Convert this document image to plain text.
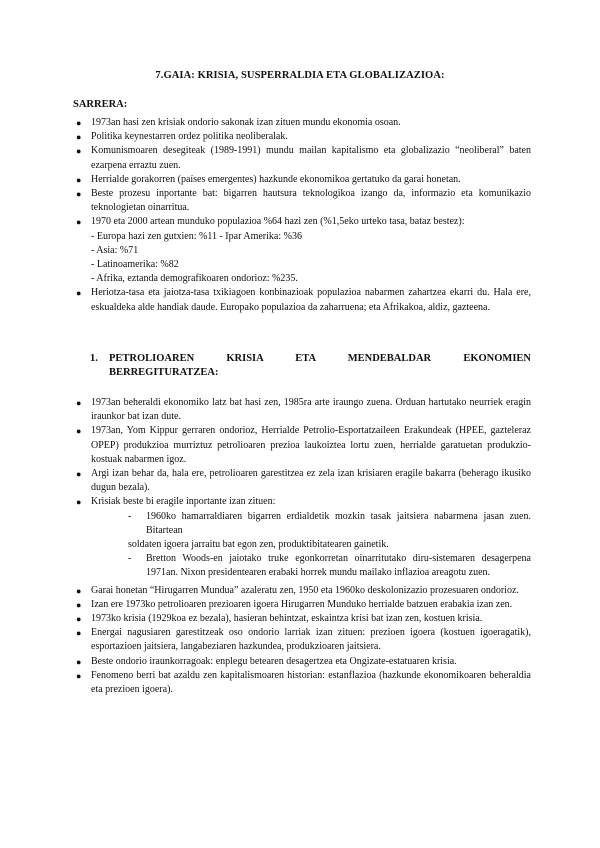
7.GAIA: KRISIA, SUSPERRALDIA ETA GLOBALIZAZIOA:
SARRERA:
● 1973an hasi zen krisiak ondorio sakonak izan zituen mundu ekonomia osoan.
● Politika keynestarren ordez politika neoliberalak.
● Komunismoaren desegiteak (1989-1991) mundu mailan kapitalismo eta globalizazio “neoliberal” baten ezarpena erraztu zuen.
● Herrialde gorakorren (países emergentes) hazkunde ekonomikoa gertatuko da garai honetan.
● Beste prozesu inportante bat: bigarren hautsura teknologikoa izango da, informazio eta komunikazio teknologietan oinarritua.
● 1970 eta 2000 artean munduko populazioa %64 hazi zen (%1,5eko urteko tasa, bataz bestez):
- Europa hazi zen gutxien: %11 - Ipar Amerika: %36
- Asia: %71
- Latinoamerika: %82
- Afrika, eztanda demografikoaren ondorioz: %235.
● Heriotza-tasa eta jaiotza-tasa txikiagoen konbinazioak populazioa nabarmen zahartzea ekarri du. Hala ere, eskualdeka alde handiak daude. Europako populazioa da zaharruena; eta Afrikakoa, aldiz, gazteena.
1. PETROLIOAREN KRISIA ETA MENDEBALDAR EKONOMIEN
BERREGITURATZEA:
● 1973an beheraldi ekonomiko latz bat hasi zen, 1985ra arte iraungo zuena. Orduan hartutako neurriek eragin iraunkor bat izan dute.
● 1973an, Yom Kippur gerraren ondorioz, Herrialde Petrolio-Esportatzaileen Erakundeak (HPEE, gazteleraz OPEP) produkzioa murriztuz petrolioaren prezioa laukoiztea lortu zuen, herrialde garatuetan produkzio- kostuak nabarmen igoz.
● Argi izan behar da, hala ere, petrolioaren garestitzea ez zela izan krisiaren eragile bakarra (beherago ikusiko dugun bezala).
● Krisiak beste bi eragile inportante izan zituen:
- 1960ko hamarraldiaren bigarren erdialdetik mozkin tasak jaitsiera nabarmena jasan zuen. Bitartean
soldaten igoera jarraitu bat egon zen, produktibitatearen gainetik.
- Bretton Woods-en jaiotako truke egonkorretan oinarritutako diru-sistemaren desagerpena 1971an. Nixon presidentearen erabaki horrek mundu mailako inflazioa areagotu zuen.
● Garai honetan “Hirugarren Mundua” azaleratu zen, 1950 eta 1960ko deskolonizazio prozesuaren ondorioz.
● Izan ere 1973ko petrolioaren prezioaren igoera Hirugarren Munduko herrialde batzuen erabakia izan zen.
● 1973ko krisia (1929koa ez bezala), hasieran behintzat, eskaintza krisi bat izan zen, kostuen krisia.
● Energai nagusiaren garestitzeak oso ondorio larriak izan zituen: prezioen igoera (kostuen igoeragatik), esportazioen jaitsiera, langabeziaren hazkundea, produkzioaren jaitsiera.
● Beste ondorio iraunkorragoak: enplegu betearen desagertzea eta Ongizate-estatuaren krisia.
● Fenomeno berri bat azaldu zen kapitalismoaren historian: estanflazioa (hazkunde ekonomikoaren beheraldia eta prezioen igoera).
